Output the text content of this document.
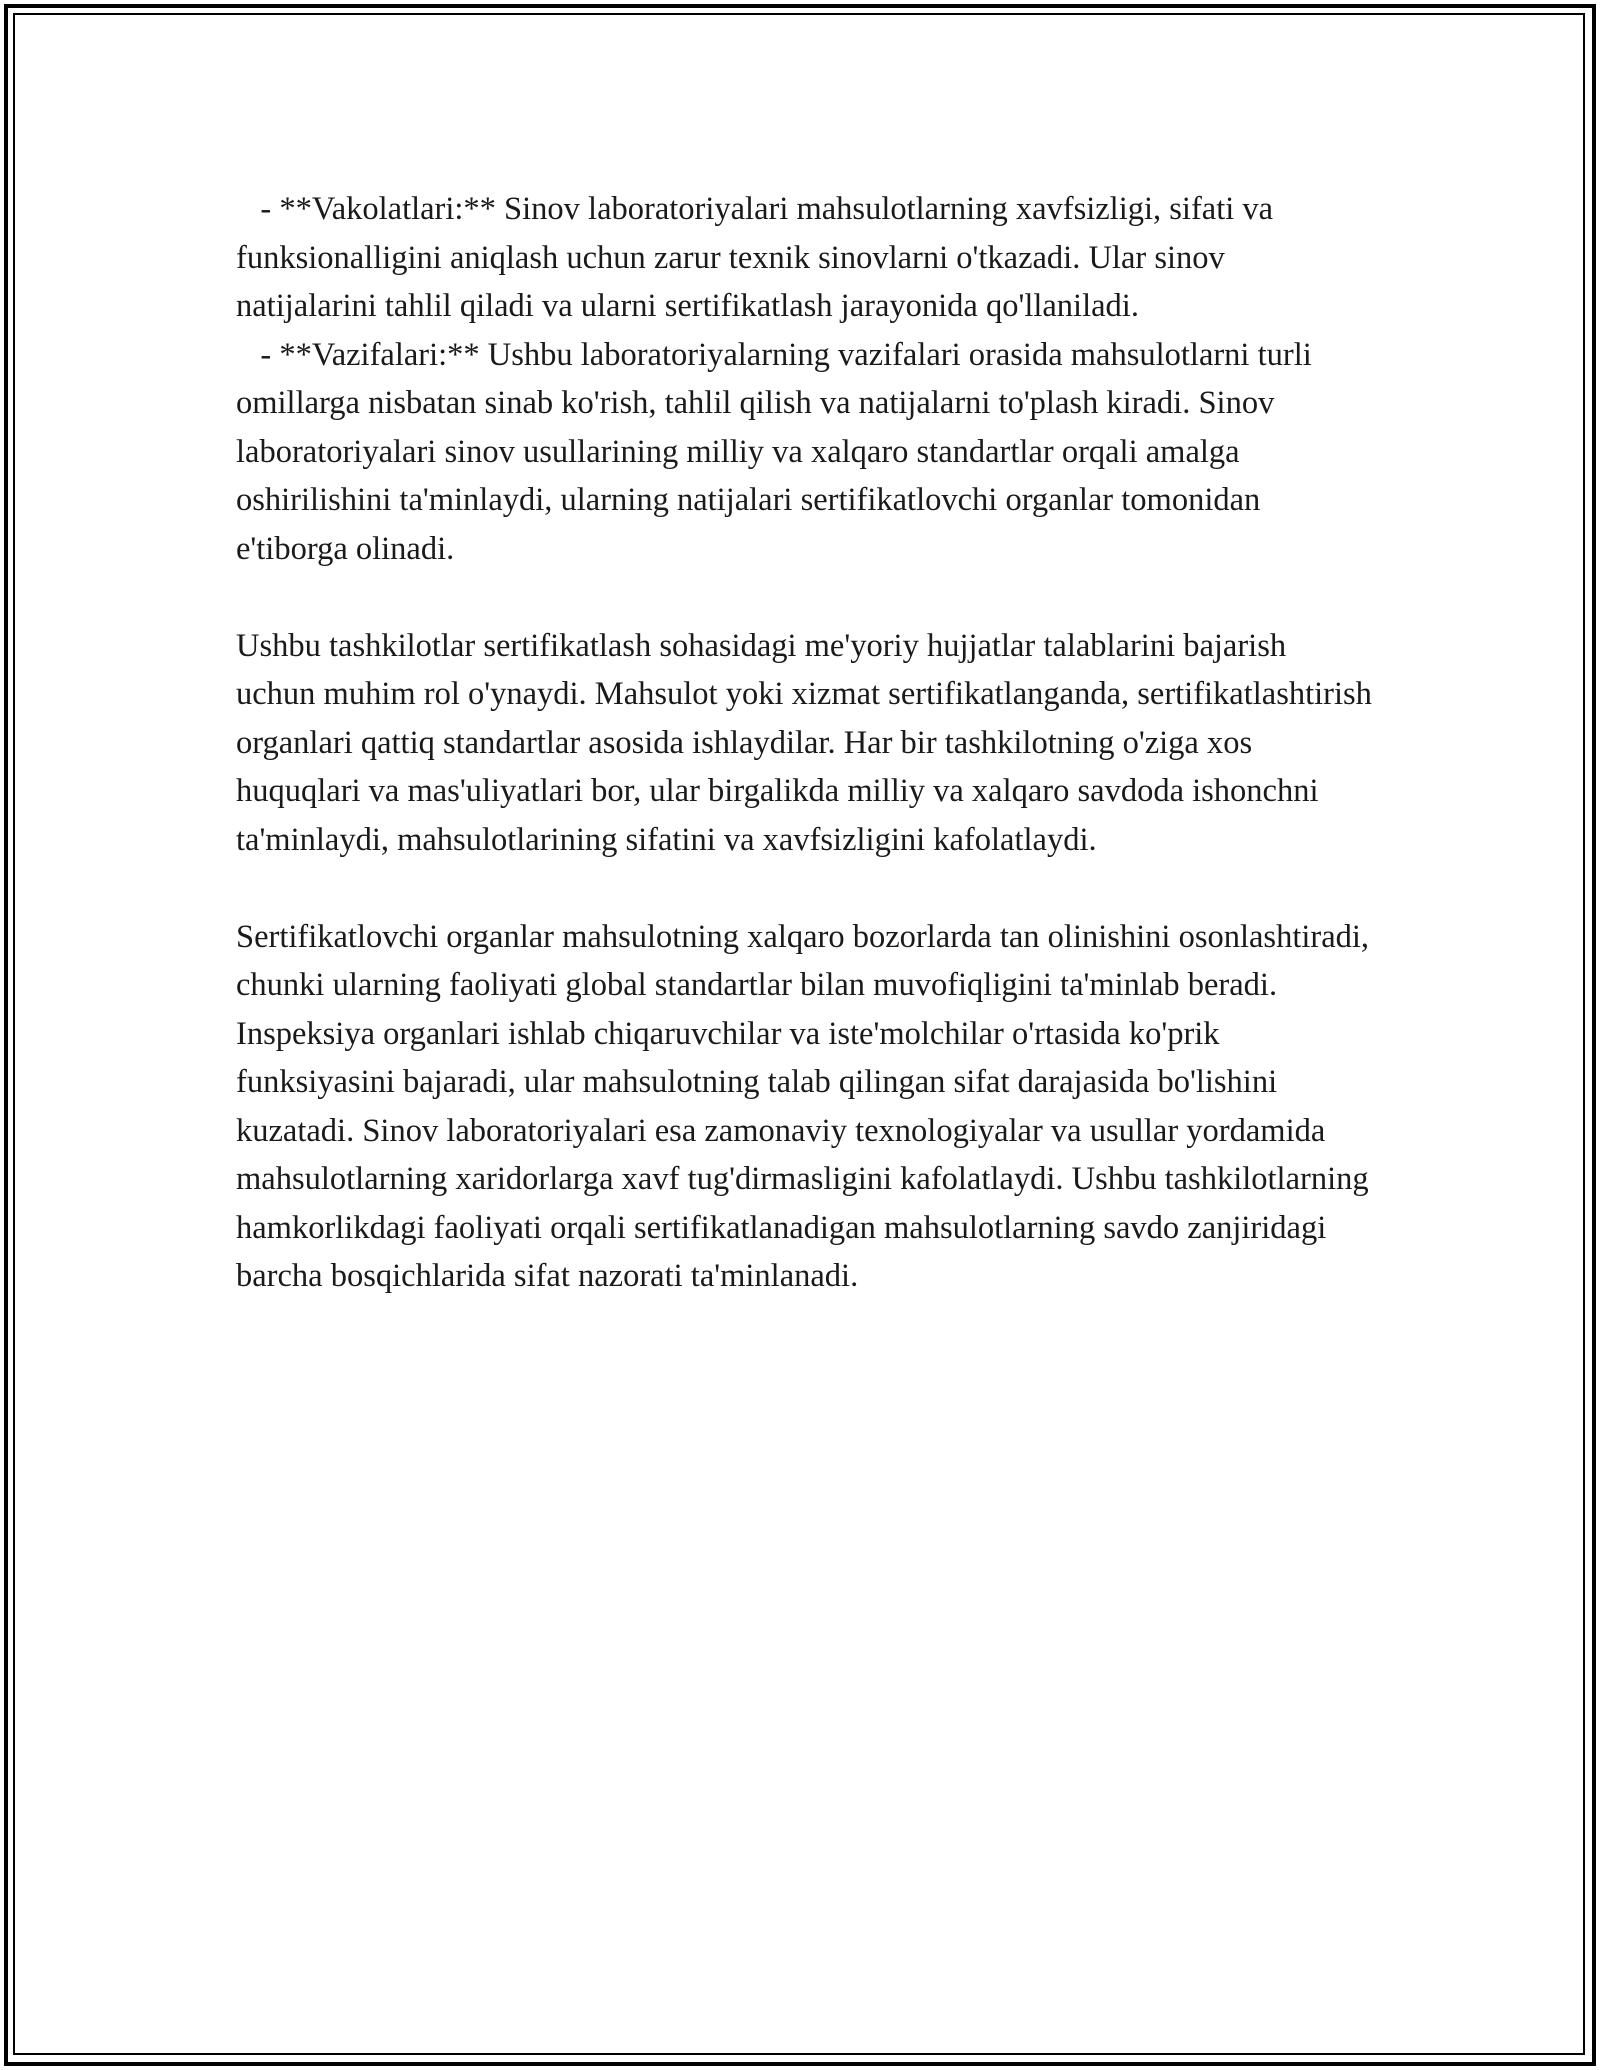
- **Vakolatlari:** Sinov laboratoriyalari mahsulotlarning xavfsizligi, sifati va funksionalligini aniqlash uchun zarur texnik sinovlarni o'tkazadi. Ular sinov natijalarini tahlil qiladi va ularni sertifikatlash jarayonida qo'llaniladi.

- **Vazifalari:** Ushbu laboratoriyalarning vazifalari orasida mahsulotlarni turli omillarga nisbatan sinab ko'rish, tahlil qilish va natijalarni to'plash kiradi. Sinov laboratoriyalari sinov usullarining milliy va xalqaro standartlar orqali amalga oshirilishini ta'minlaydi, ularning natijalari sertifikatlovchi organlar tomonidan e'tiborga olinadi.

Ushbu tashkilotlar sertifikatlash sohasidagi me'yoriy hujjatlar talablarini bajarish uchun muhim rol o'ynaydi. Mahsulot yoki xizmat sertifikatlanganda, sertifikatlashtirish organlari qattiq standartlar asosida ishlaydilar. Har bir tashkilotning o'ziga xos huquqlari va mas'uliyatlari bor, ular birgalikda milliy va xalqaro savdoda ishonchni ta'minlaydi, mahsulotlarining sifatini va xavfsizligini kafolatlaydi.

Sertifikatlovchi organlar mahsulotning xalqaro bozorlarda tan olinishini osonlashtiradi, chunki ularning faoliyati global standartlar bilan muvofiqligini ta'minlab beradi. Inspeksiya organlari ishlab chiqaruvchilar va iste'molchilar o'rtasida ko'prik funksiyasini bajaradi, ular mahsulotning talab qilingan sifat darajasida bo'lishini kuzatadi. Sinov laboratoriyalari esa zamonaviy texnologiyalar va usullar yordamida mahsulotlarning xaridorlarga xavf tug'dirmasligini kafolatlaydi. Ushbu tashkilotlarning hamkorlikdagi faoliyati orqali sertifikatlanadigan mahsulotlarning savdo zanjiridagi barcha bosqichlarida sifat nazorati ta'minlanadi.
